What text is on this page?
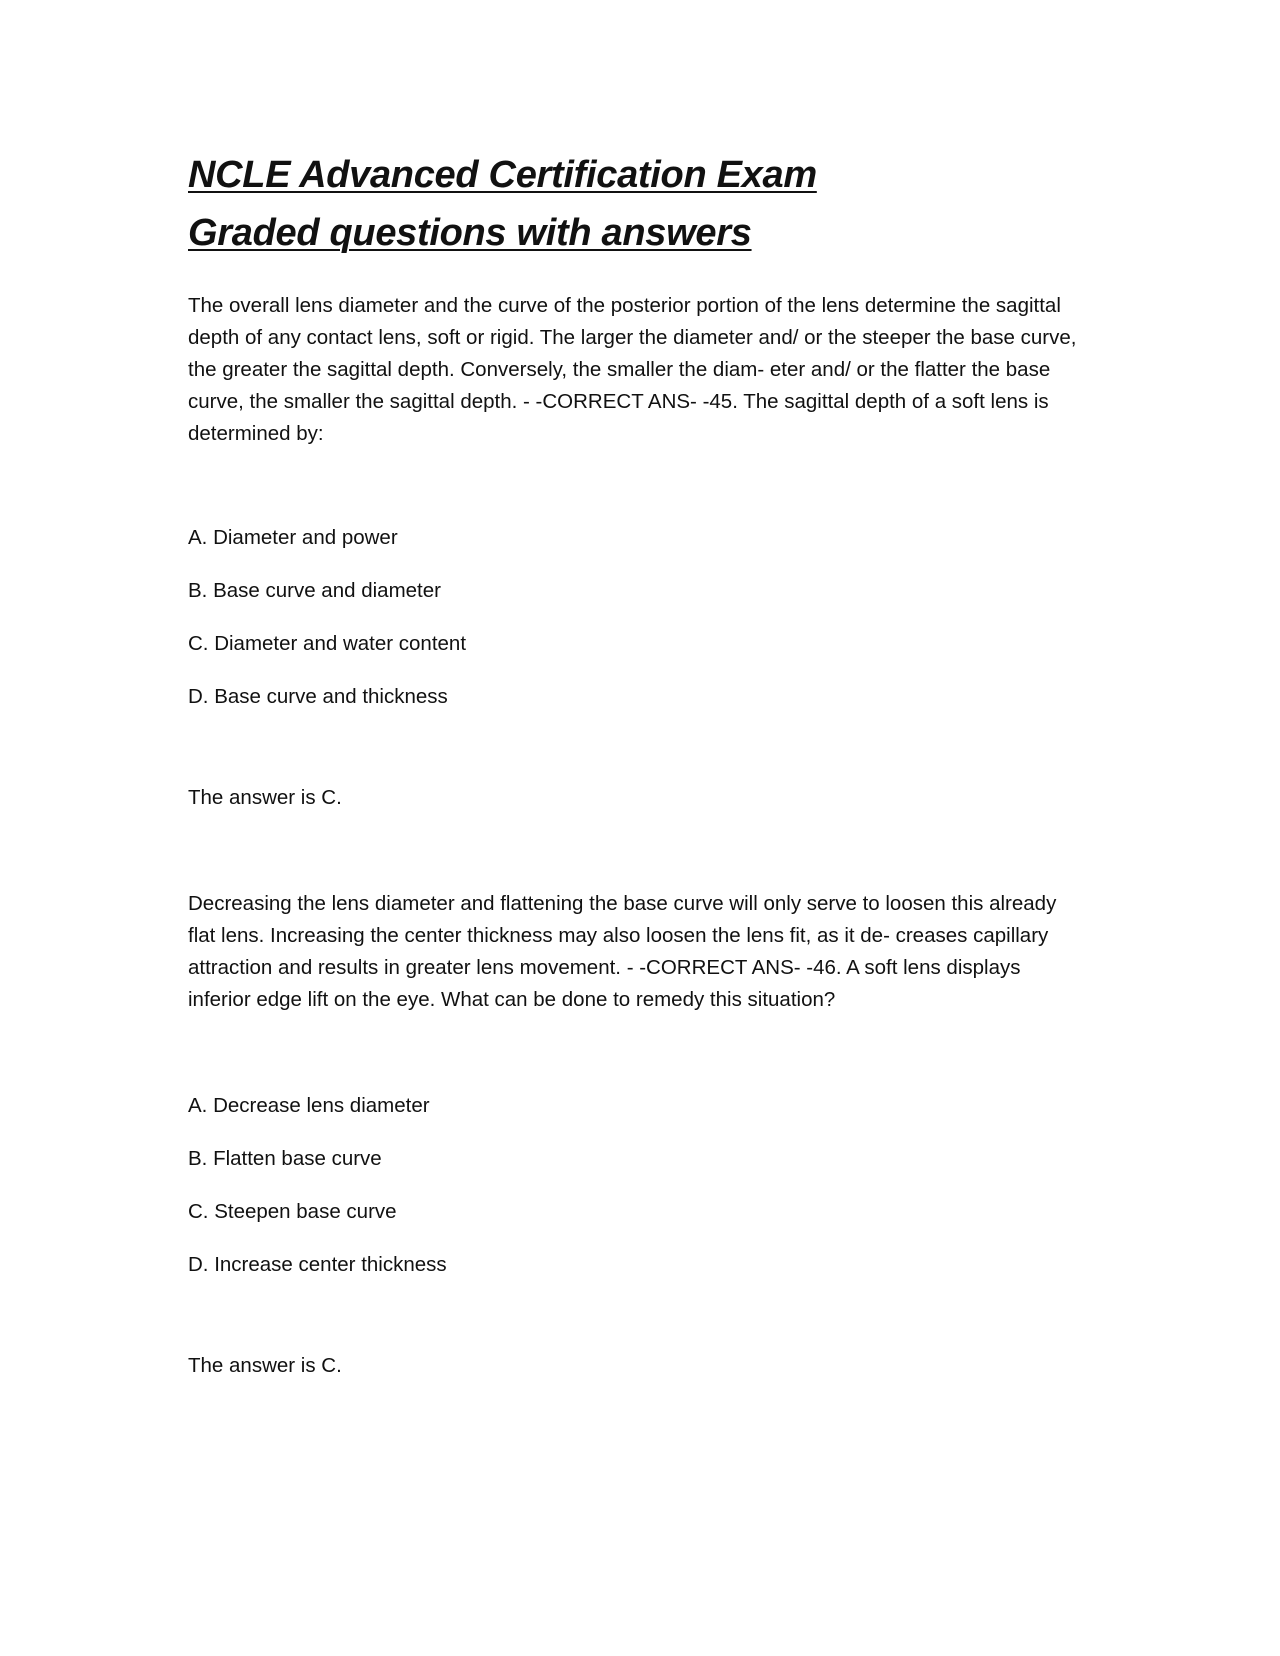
NCLE Advanced Certification Exam Graded questions with answers

The overall lens diameter and the curve of the posterior portion of the lens determine the sagittal depth of any contact lens, soft or rigid. The larger the diameter and/ or the steeper the base curve, the greater the sagittal depth. Conversely, the smaller the diam- eter and/ or the flatter the base curve, the smaller the sagittal depth. - -CORRECT ANS- -45. The sagittal depth of a soft lens is determined by:

A. Diameter and power

B. Base curve and diameter

C. Diameter and water content

D. Base curve and thickness

The answer is C.

Decreasing the lens diameter and flattening the base curve will only serve to loosen this already flat lens. Increasing the center thickness may also loosen the lens fit, as it de- creases capillary attraction and results in greater lens movement. - -CORRECT ANS- -46. A soft lens displays inferior edge lift on the eye. What can be done to remedy this situation?

A. Decrease lens diameter

B. Flatten base curve

C. Steepen base curve

D. Increase center thickness

The answer is C.
